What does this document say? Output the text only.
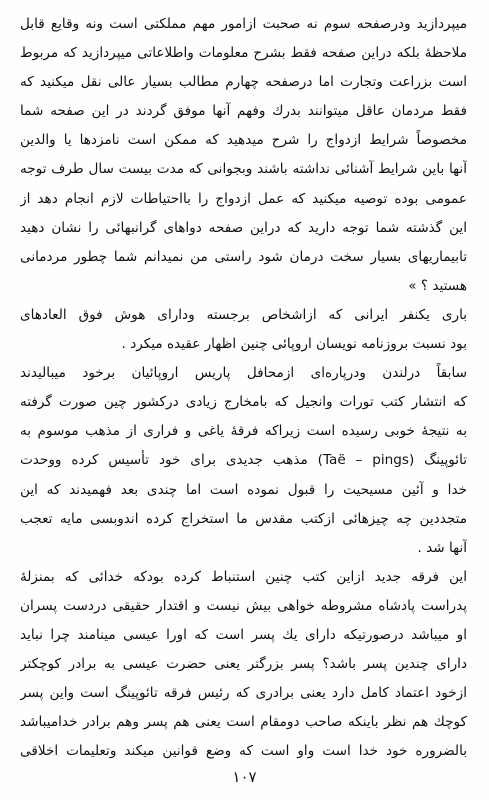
میپردازید ودرصفحه سوم نه صحبت ازامور مهم مملکتی است ونه وقایع قابل
ملاحظهٔ بلکه دراین صفحه فقط بشرح معلومات واطلاعاتی میپردازید که مربوط
است بزراعت وتجارت اما درصفحه چهارم مطالب بسیار عالی نقل میکنید که
فقط مردمان عاقل میتوانند بدرك وفهم آنها موفق گردند در این صفحه شما
مخصوصاً شرایط ازدواج را شرح میدهید که ممکن است نامزدها یا والدین
آنها باین شرایط آشنائی نداشته باشند وبجوانی که مدت بیست سال طرف توجه
عمومی بوده توصیه میکنید که عمل ازدواج را بااحتیاطات لازم انجام دهد از
این گذشته شما توجه دارید که دراین صفحه دواهای گرانبهائی را نشان دهید
تابیماریهای بسیار سخت درمان شود راستی من نمیدانم شما چطور مردمانی
هستید ؟ »
باری یکنفر ایرانی که ازاشخاص برجسته ودارای هوش فوق العادهای
بود نسبت بروزنامه نویسان اروپائی چنین اظهار عقیده میکرد .
سابقاً درلندن ودرپاره‌ای ازمحافل پاریس اروپائیان برخود میبالیدند
که انتشار کتب تورات وانجیل که بامخارج زیادی درکشور چین صورت گرفته
به نتیجهٔ خوبی رسیده است زیراکه فرقهٔ یاغی و فراری از مذهب موسوم به
تائوپینگ (Taë – pings) مذهب جدیدی برای خود تأسیس کرده ووحدت
خدا و آئین مسیحیت را قبول نموده است اما چندی بعد فهمیدند که این
متجددین چه چیزهائی ازکتب مقدس ما استخراج کرده اندوبسی مایه تعجب
آنها شد .
این فرقه جدید ازاین کتب چنین استنباط کرده بودکه خدائی که بمنزلهٔ
پدراست پادشاه مشروطه خواهی بیش نیست و اقتدار حقیقی دردست پسران
او میباشد درصورتیکه دارای یك پسر است که اورا عیسی مینامند چرا نباید
دارای چندین پسر باشد؟ پسر بزرگتر یعنی حضرت عیسی به برادر کوچکتر
ازخود اعتماد کامل دارد یعنی برادری که رئیس فرقه تائوپینگ است واین پسر
کوچك هم نظر باینکه صاحب دومقام است یعنی هم پسر وهم برادر خدامیباشد
بالضروره خود خدا است واو است که وضع قوانین میکند وتعلیمات اخلاقی
۱۰۷
